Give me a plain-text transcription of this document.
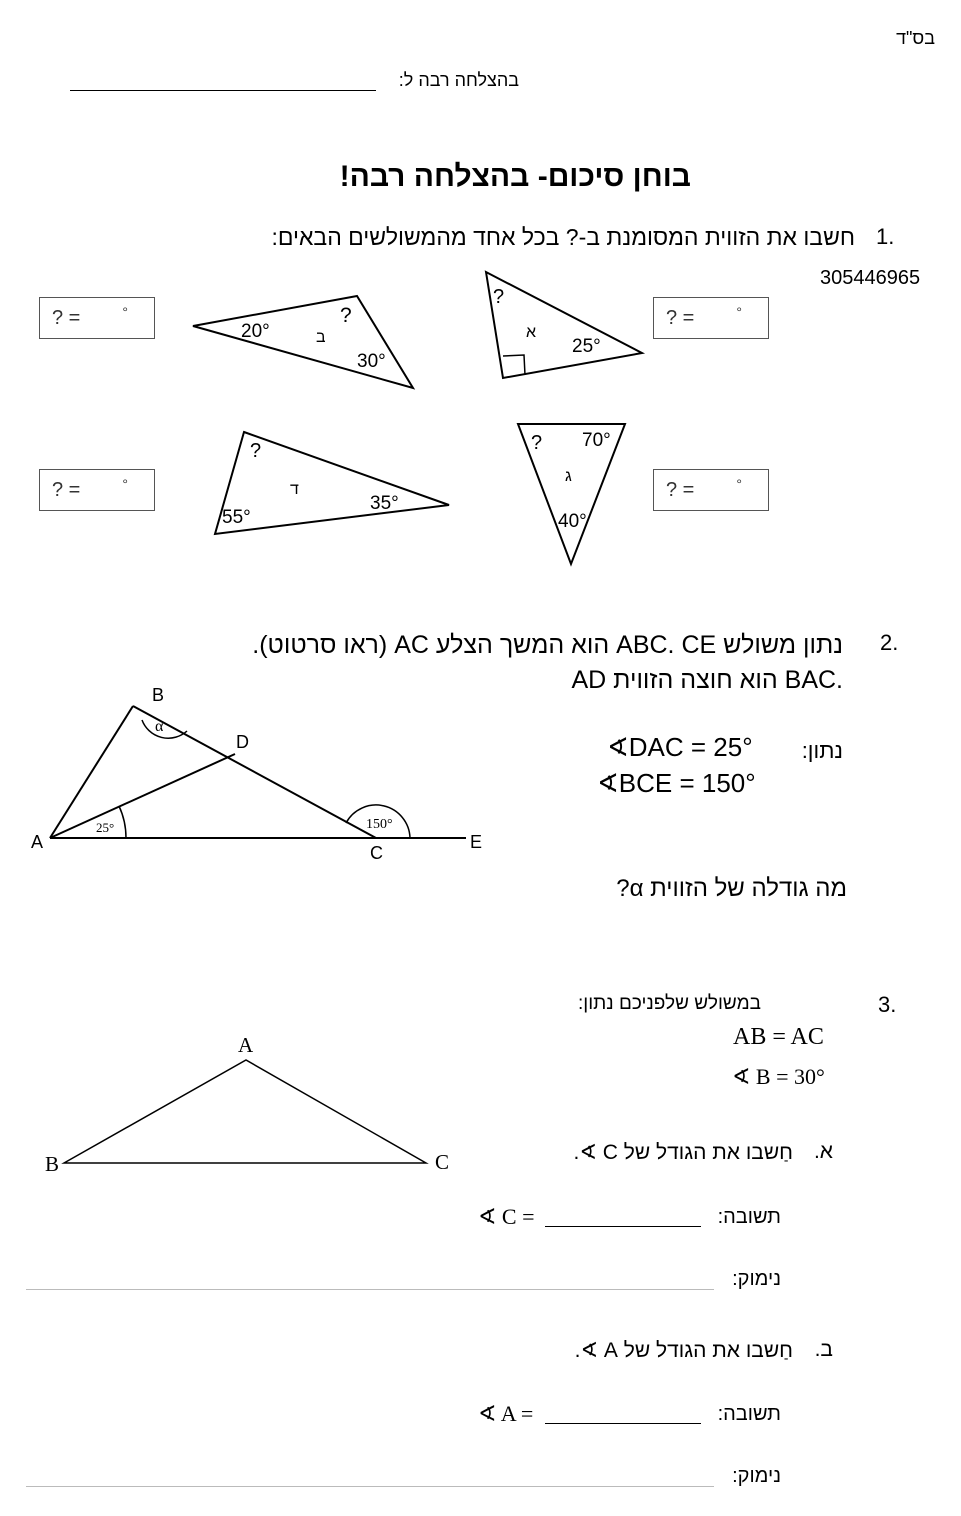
בס"ד
בהצלחה רבה ל:
בוחן סיכום- בהצלחה רבה!
1.
חשבו את הזווית המסומנת ב-? בכל אחד מהמשולשים הבאים:
305446965
? =	°
? =	°
? =	°
? =	°
?
א
25°
20°
?
ב
30°
? 70°
ג
40°
?
ד
35°
55°
2.
נתון משולש ABC. CE הוא המשך הצלע AC (ראו סרטוט).
AD הוא חוצה הזווית BAC.
נתון:
∢DAC = 25°
∢BCE = 150°
מה גודלה של הזווית α?
B
D
A
C
E
α
25°	150°
3.
במשולש שלפניכם נתון:
AB = AC
∢ B = 30°
A
B	C	א.
חַשבו את הגודל של C ∢.
תשובה:
∢ C =
נימוק:
ב.
חַשבו את הגודל של A ∢.
תשובה:
∢ A =
נימוק:
